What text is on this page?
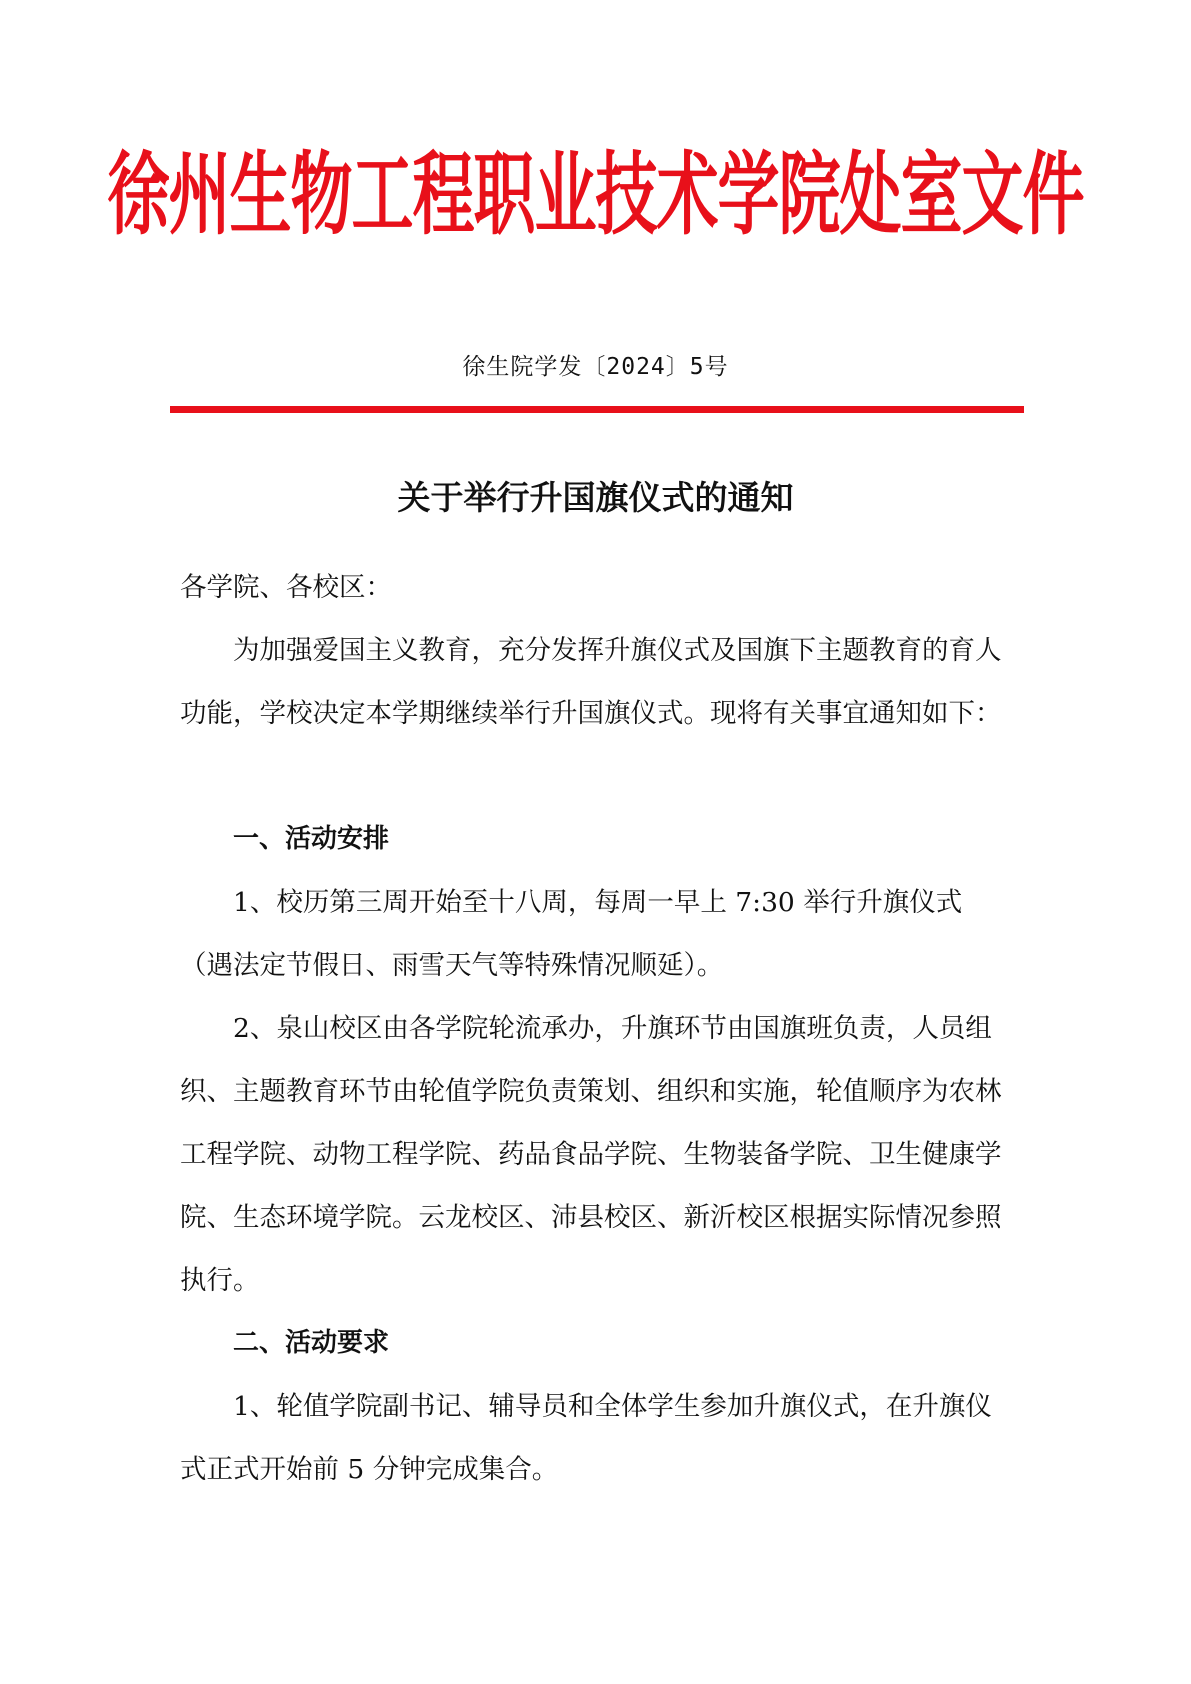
徐州生物工程职业技术学院处室文件
徐生院学发〔2024〕5号
关于举行升国旗仪式的通知

各学院、各校区：

为加强爱国主义教育，充分发挥升旗仪式及国旗下主题教育的育人功能，学校决定本学期继续举行升国旗仪式。现将有关事宜通知如下：

一、活动安排

1、校历第三周开始至十八周，每周一早上 7:30 举行升旗仪式（遇法定节假日、雨雪天气等特殊情况顺延）。

2、泉山校区由各学院轮流承办，升旗环节由国旗班负责，人员组织、主题教育环节由轮值学院负责策划、组织和实施，轮值顺序为农林工程学院、动物工程学院、药品食品学院、生物装备学院、卫生健康学院、生态环境学院。云龙校区、沛县校区、新沂校区根据实际情况参照执行。

二、活动要求

1、轮值学院副书记、辅导员和全体学生参加升旗仪式，在升旗仪式正式开始前 5 分钟完成集合。
